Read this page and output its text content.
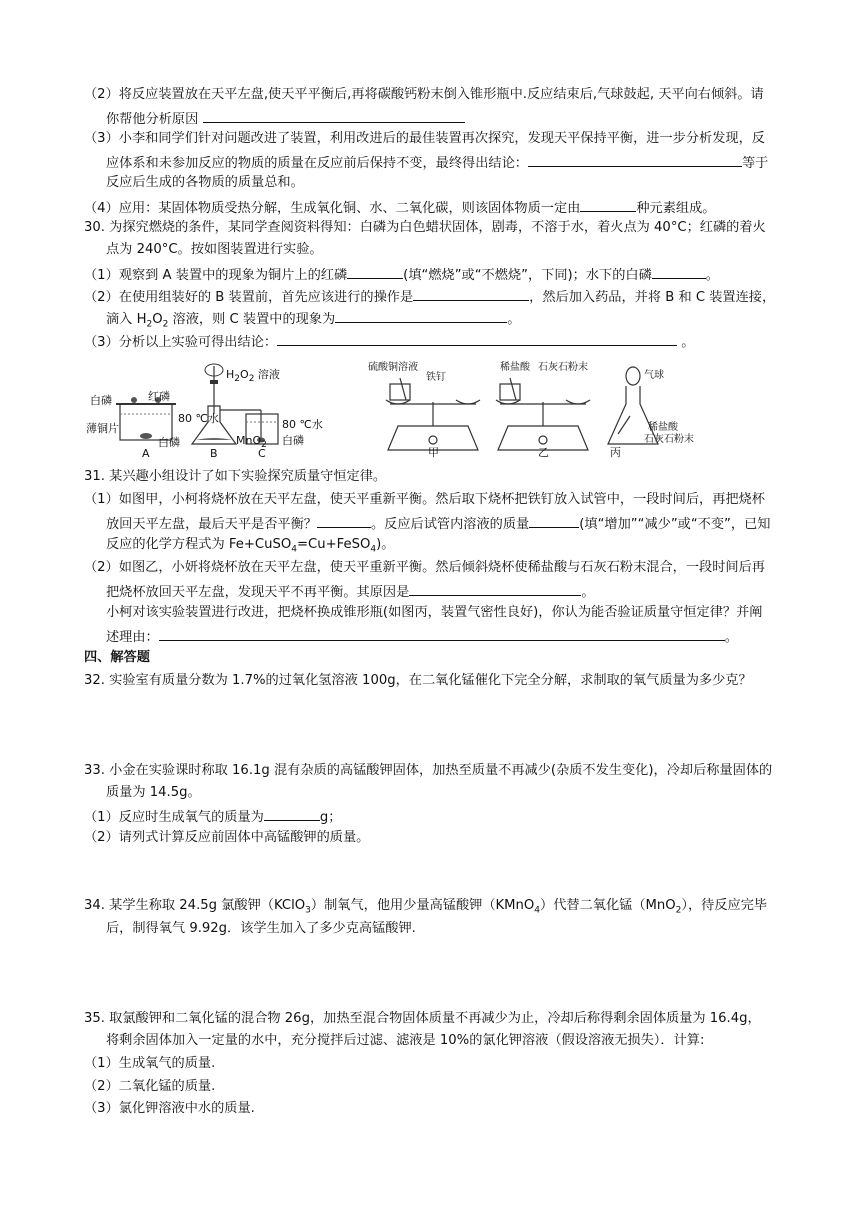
（2）将反应装置放在天平左盘,使天平平衡后,再将碳酸钙粉末倒入锥形瓶中.反应结束后,气球鼓起, 天平向右倾斜。请
你帮他分析原因
（3）小李和同学们针对问题改进了装置，利用改进后的最佳装置再次探究，发现天平保持平衡，进一步分析发现，反
应体系和未参加反应的物质的质量在反应前后保持不变，最终得出结论：	等于
反应后生成的各物质的质量总和。
（4）应用：某固体物质受热分解，生成氧化铜、水、二氧化碳，则该固体物质一定由	种元素组成。
30. 为探究燃烧的条件，某同学查阅资料得知：白磷为白色蜡状固体，剧毒，不溶于水，着火点为 40°C；红磷的着火
点为 240°C。按如图装置进行实验。
（1）观察到 A 装置中的现象为铜片上的红磷	(填“燃烧”或“不燃烧”，下同)；水下的白磷	。
（2）在使用组装好的 B 装置前，首先应该进行的操作是	，然后加入药品，并将 B 和 C 装置连接，
滴入 $H_2O_2$ 溶液，则 C 装置中的现象为	。
（3）分析以上实验可得出结论：	。
白磷	红磷
80 ℃水
薄铜片
白磷
A
$H_2O_2$ 溶液
MnO$_2$
B
80 ℃水
白磷
C
硫酸铜溶液
铁钉
甲
稀盐酸 石灰石粉末
乙
气球
稀盐酸
石灰石粉末
丙
31. 某兴趣小组设计了如下实验探究质量守恒定律。
（1）如图甲，小柯将烧杯放在天平左盘，使天平重新平衡。然后取下烧杯把铁钉放入试管中，一段时间后，再把烧杯
放回天平左盘，最后天平是否平衡？	。反应后试管内溶液的质量	(填“增加”“减少”或“不变”，已知
反应的化学方程式为 Fe+CuSO$_4$=Cu+FeSO$_4$)。
（2）如图乙，小妍将烧杯放在天平左盘，使天平重新平衡。然后倾斜烧杯使稀盐酸与石灰石粉末混合，一段时间后再
把烧杯放回天平左盘，发现天平不再平衡。其原因是	。
小柯对该实验装置进行改进，把烧杯换成锥形瓶(如图丙，装置气密性良好)，你认为能否验证质量守恒定律？并阐
述理由：	。
四、解答题
32. 实验室有质量分数为 1.7%的过氧化氢溶液 100g，在二氧化锰催化下完全分解，求制取的氧气质量为多少克？
33. 小金在实验课时称取 16.1g 混有杂质的高锰酸钾固体，加热至质量不再减少(杂质不发生变化)，冷却后称量固体的
质量为 14.5g。
（1）反应时生成氧气的质量为	g；
（2）请列式计算反应前固体中高锰酸钾的质量。
34. 某学生称取 24.5g 氯酸钾（KClO$_3$）制氧气，他用少量高锰酸钾（KMnO$_4$）代替二氧化锰（MnO$_2$），待反应完毕
后，制得氧气 9.92g．该学生加入了多少克高锰酸钾.
35. 取氯酸钾和二氧化锰的混合物 26g，加热至混合物固体质量不再减少为止，冷却后称得剩余固体质量为 16.4g，
将剩余固体加入一定量的水中，充分搅拌后过滤、滤液是 10%的氯化钾溶液（假设溶液无损失）．计算:
（1）生成氧气的质量.
（2）二氧化锰的质量.
（3）氯化钾溶液中水的质量.
